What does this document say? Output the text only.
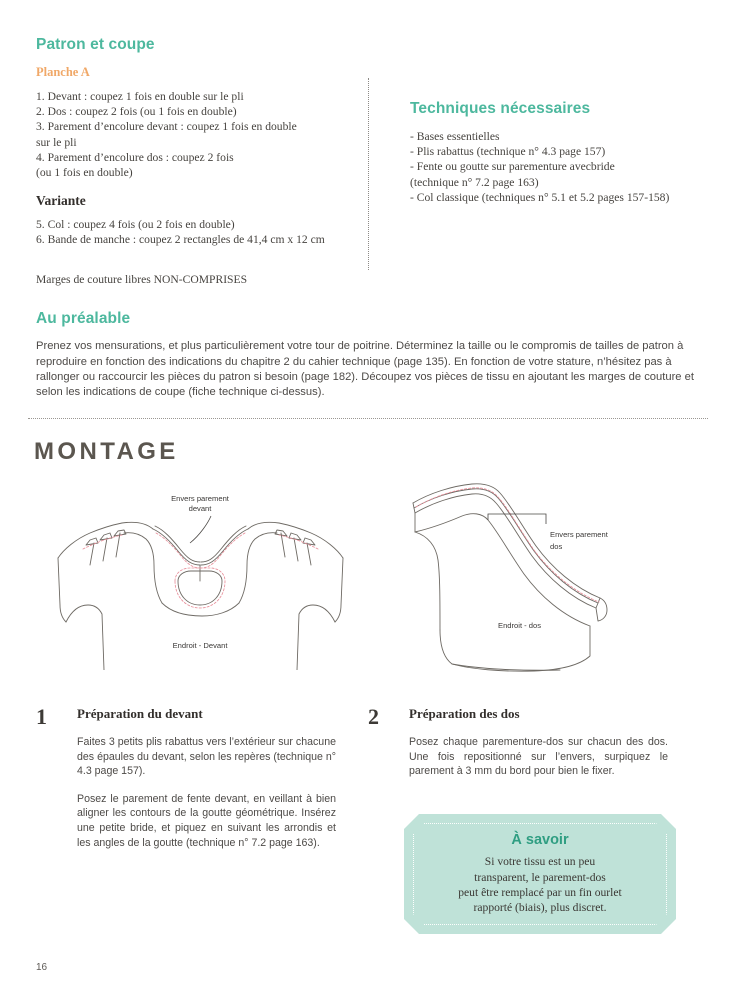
Patron et coupe
Planche A
1. Devant : coupez 1 fois en double sur le pli
2. Dos : coupez 2 fois (ou 1 fois en double)
3. Parement d’encolure devant : coupez 1 fois en double
sur le pli
4. Parement d’encolure dos : coupez 2 fois
(ou 1 fois en double)
Variante
5. Col : coupez 4 fois (ou 2 fois en double)
6. Bande de manche : coupez 2 rectangles de 41,4 cm x 12 cm

Marges de couture libres NON-COMPRISES

Techniques nécessaires
- Bases essentielles
- Plis rabattus (technique n° 4.3 page 157)
- Fente ou goutte sur parementure avecbride
(technique n° 7.2 page 163)
- Col classique (techniques n° 5.1 et 5.2 pages 157-158)
Au préalable

Prenez vos mensurations, et plus particulièrement votre tour de poitrine. Déterminez la taille ou le compromis de tailles de patron à reproduire en fonction des indications du chapitre 2 du cahier technique (page 135). En fonction de votre stature, n’hésitez pas à rallonger ou raccourcir les pièces du patron si besoin (page 182). Découpez vos pièces de tissu en ajoutant les marges de couture et selon les indications de coupe (fiche technique ci-dessus).

MONTAGE
Envers parement
devant
Endroit - Devant
Envers parement
dos
Endroit - dos
1 Préparation du devant

Faites 3 petits plis rabattus vers l’extérieur sur chacune des épaules du devant, selon les repères (technique n° 4.3 page 157).

Posez le parement de fente devant, en veillant à bien aligner les contours de la goutte géométrique. Insérez une petite bride, et piquez en suivant les arrondis et les angles de la goutte (technique n° 7.2 page 163).

2 Préparation des dos

Posez chaque parementure-dos sur chacun des dos. Une fois repositionné sur l’envers, surpiquez le parement à 3 mm du bord pour bien le fixer.

À savoir

Si votre tissu est un peu
transparent, le parement-dos
peut être remplacé par un fin ourlet
rapporté (biais), plus discret.

16
